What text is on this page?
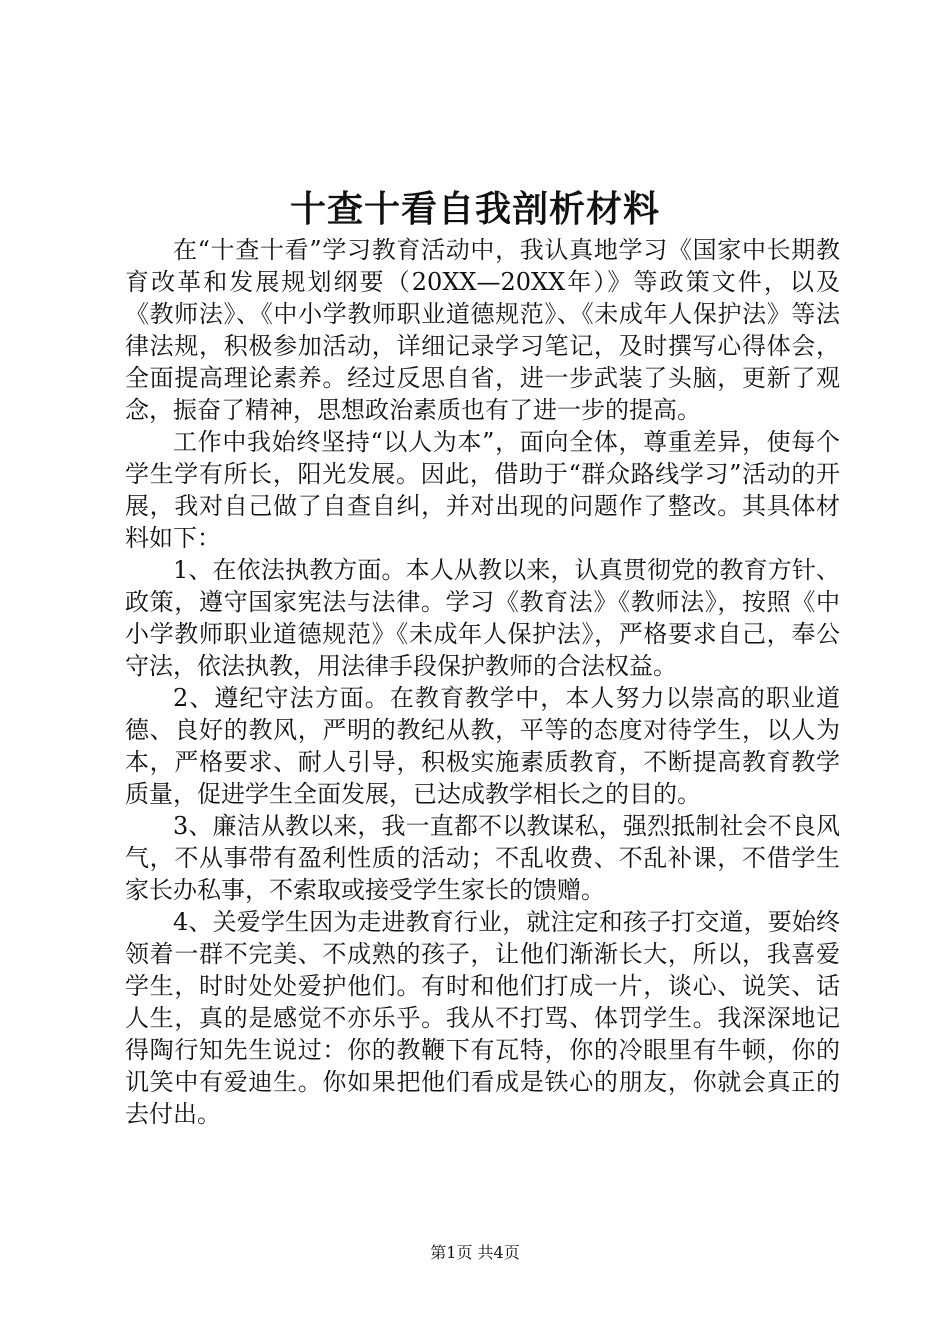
十查十看自我剖析材料

在“十查十看”学习教育活动中，我认真地学习《国家中长期教育改革和发展规划纲要（20XX—20XX年）》等政策文件，以及《教师法》、《中小学教师职业道德规范》、《未成年人保护法》等法律法规，积极参加活动，详细记录学习笔记，及时撰写心得体会，全面提高理论素养。经过反思自省，进一步武装了头脑，更新了观念，振奋了精神，思想政治素质也有了进一步的提高。

工作中我始终坚持“以人为本”，面向全体，尊重差异，使每个学生学有所长，阳光发展。因此，借助于“群众路线学习”活动的开展，我对自己做了自查自纠，并对出现的问题作了整改。其具体材料如下：

1、在依法执教方面。本人从教以来，认真贯彻党的教育方针、政策，遵守国家宪法与法律。学习《教育法》《教师法》，按照《中小学教师职业道德规范》《未成年人保护法》，严格要求自己，奉公守法，依法执教，用法律手段保护教师的合法权益。

2、遵纪守法方面。在教育教学中，本人努力以崇高的职业道德、良好的教风，严明的教纪从教，平等的态度对待学生，以人为本，严格要求、耐人引导，积极实施素质教育，不断提高教育教学质量，促进学生全面发展，已达成教学相长之的目的。

3、廉洁从教以来，我一直都不以教谋私，强烈抵制社会不良风气，不从事带有盈利性质的活动；不乱收费、不乱补课，不借学生家长办私事，不索取或接受学生家长的馈赠。

4、关爱学生因为走进教育行业，就注定和孩子打交道，要始终领着一群不完美、不成熟的孩子，让他们渐渐长大，所以，我喜爱学生，时时处处爱护他们。有时和他们打成一片，谈心、说笑、话人生，真的是感觉不亦乐乎。我从不打骂、体罚学生。我深深地记得陶行知先生说过：你的教鞭下有瓦特，你的冷眼里有牛顿，你的讥笑中有爱迪生。你如果把他们看成是铁心的朋友，你就会真正的去付出。

第1页 共4页
